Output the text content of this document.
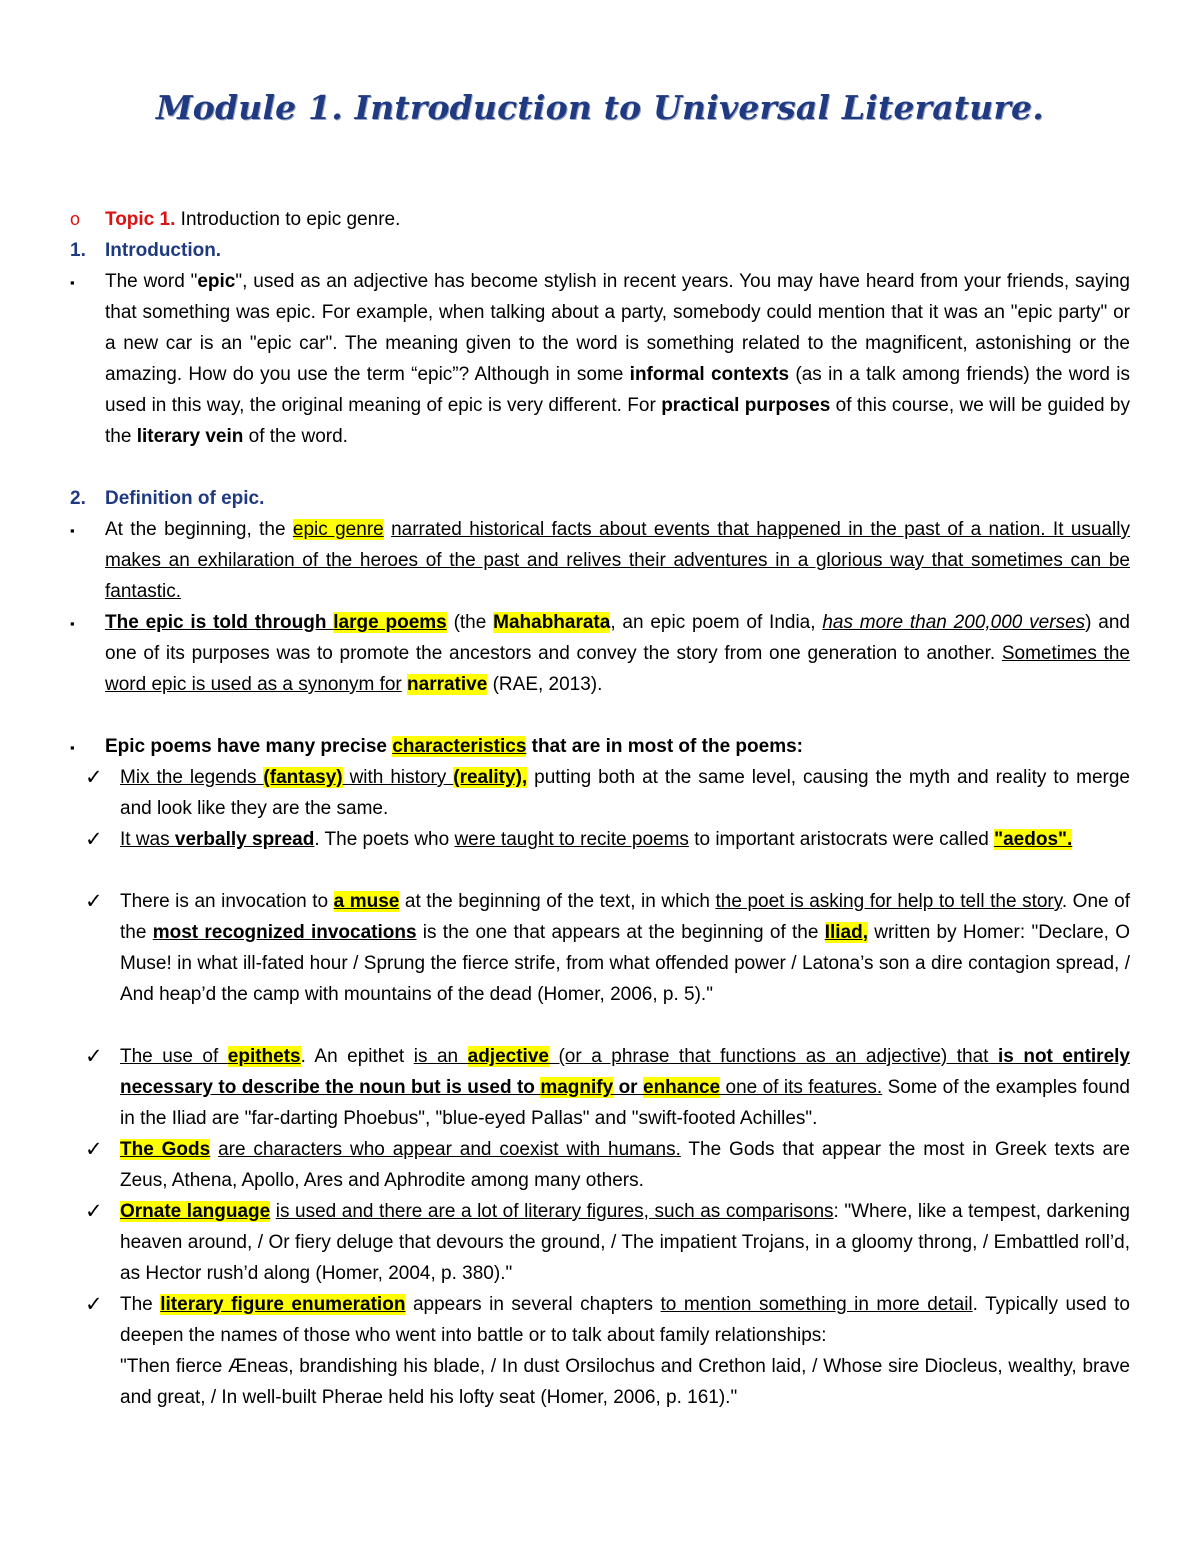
Module 1. Introduction to Universal Literature.
o	Topic 1. Introduction to epic genre.
1.	Introduction.
▪	The word "epic", used as an adjective has become stylish in recent years. You may have heard from your friends, saying that something was epic. For example, when talking about a party, somebody could mention that it was an "epic party" or a new car is an "epic car". The meaning given to the word is something related to the magnificent, astonishing or the amazing. How do you use the term “epic”? Although in some informal contexts (as in a talk among friends) the word is used in this way, the original meaning of epic is very different. For practical purposes of this course, we will be guided by the literary vein of the word.
2.	Definition of epic.
▪	At the beginning, the epic genre narrated historical facts about events that happened in the past of a nation. It usually makes an exhilaration of the heroes of the past and relives their adventures in a glorious way that sometimes can be fantastic.
▪	The epic is told through large poems (the Mahabharata, an epic poem of India, has more than 200,000 verses) and one of its purposes was to promote the ancestors and convey the story from one generation to another. Sometimes the word epic is used as a synonym for narrative (RAE, 2013).
▪	Epic poems have many precise characteristics that are in most of the poems:
✓ Mix the legends (fantasy) with history (reality), putting both at the same level, causing the myth and reality to merge and look like they are the same.
✓ It was verbally spread. The poets who were taught to recite poems to important aristocrats were called "aedos".
✓ There is an invocation to a muse at the beginning of the text, in which the poet is asking for help to tell the story. One of the most recognized invocations is the one that appears at the beginning of the Iliad, written by Homer: "Declare, O Muse! in what ill-fated hour / Sprung the fierce strife, from what offended power / Latona’s son a dire contagion spread, / And heap’d the camp with mountains of the dead (Homer, 2006, p. 5)."
✓ The use of epithets. An epithet is an adjective (or a phrase that functions as an adjective) that is not entirely necessary to describe the noun but is used to magnify or enhance one of its features. Some of the examples found in the Iliad are "far-darting Phoebus", "blue-eyed Pallas" and "swift-footed Achilles".
✓ The Gods are characters who appear and coexist with humans. The Gods that appear the most in Greek texts are Zeus, Athena, Apollo, Ares and Aphrodite among many others.
✓ Ornate language is used and there are a lot of literary figures, such as comparisons: "Where, like a tempest, darkening heaven around, / Or fiery deluge that devours the ground, / The impatient Trojans, in a gloomy throng, / Embattled roll’d, as Hector rush’d along (Homer, 2004, p. 380)."
✓ The literary figure enumeration appears in several chapters to mention something in more detail. Typically used to deepen the names of those who went into battle or to talk about family relationships:
"Then fierce Æneas, brandishing his blade, / In dust Orsilochus and Crethon laid, / Whose sire Diocleus, wealthy, brave and great, / In well-built Pherae held his lofty seat (Homer, 2006, p. 161)."
